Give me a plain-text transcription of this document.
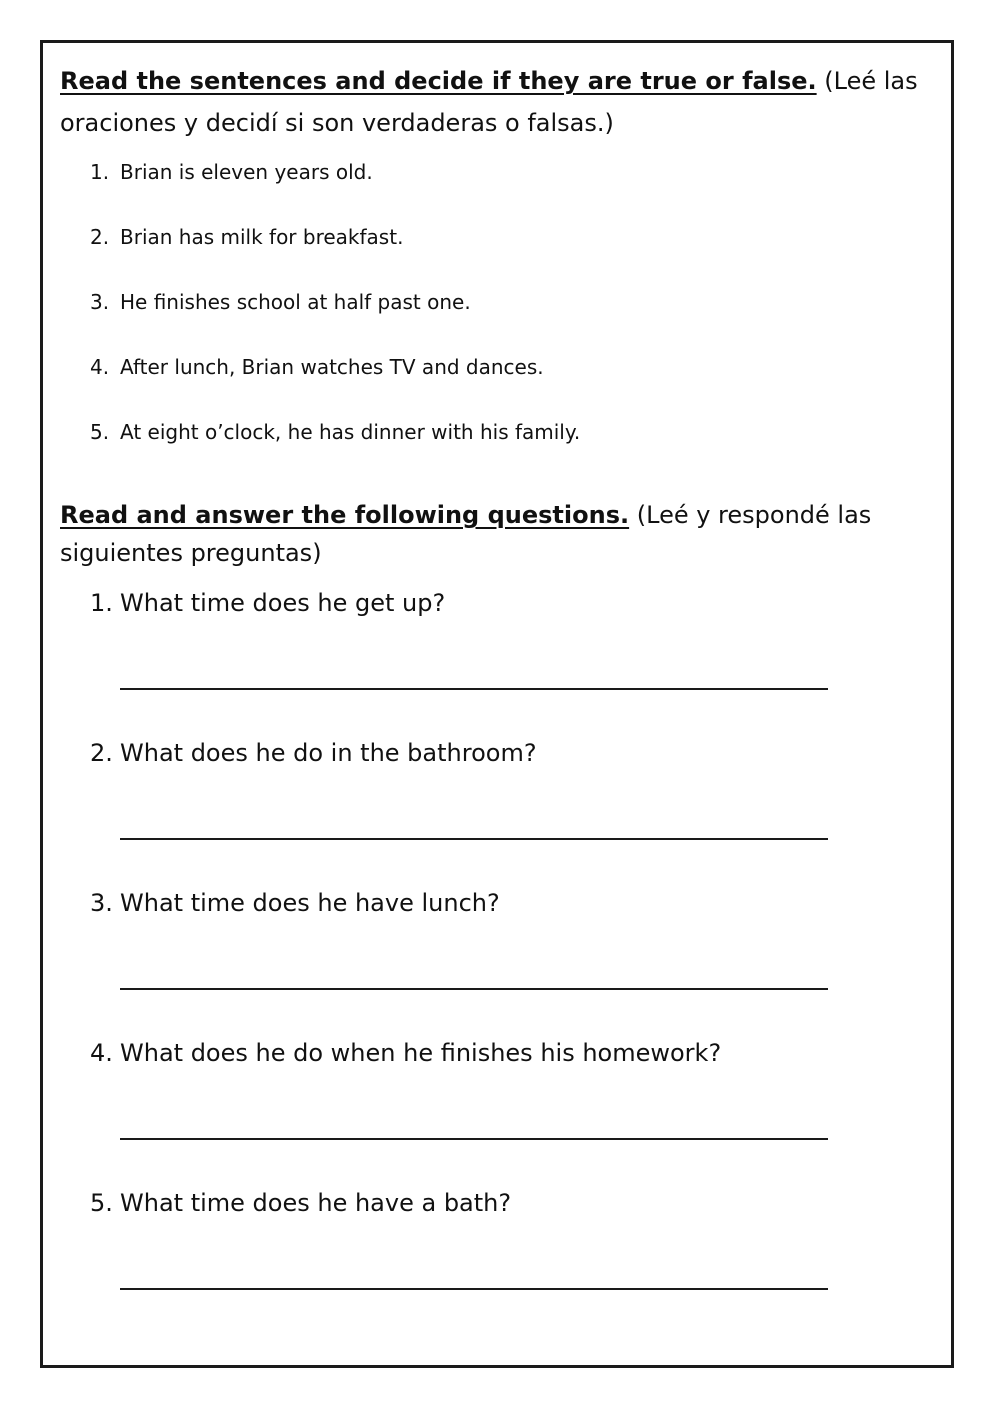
Read the sentences and decide if they are true or false. (Leé las oraciones y decidí si son verdaderas o falsas.)

1. Brian is eleven years old.
2. Brian has milk for breakfast.
3. He finishes school at half past one.
4. After lunch, Brian watches TV and dances.
5. At eight o’clock, he has dinner with his family.

Read and answer the following questions. (Leé y respondé las siguientes preguntas)

1. What time does he get up?
2. What does he do in the bathroom?
3. What time does he have lunch?
4. What does he do when he finishes his homework?
5. What time does he have a bath?
